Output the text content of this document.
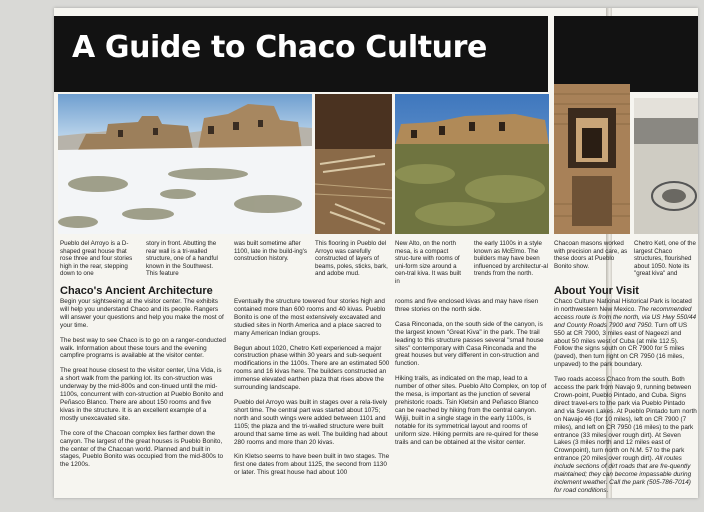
A Guide to Chaco Culture
Pueblo del Arroyo is a D-shaped great house that rose three and four stories high in the rear, stepping down to one
story in front. Abutting the rear wall is a tri-walled structure, one of a handful known in the Southwest. This feature
was built sometime after 1100, late in the build-ing's construction history.
This flooring in Pueblo del Arroyo was carefully constructed of layers of beams, poles, sticks, bark, and adobe mud.
New Alto, on the north mesa, is a compact struc-ture with rooms of uni-form size around a cen-tral kiva. It was built in
the early 1100s in a style known as McElmo. The builders may have been influenced by architectur-al trends from the north.
Chacoan masons worked with precision and care, as these doors at Pueblo Bonito show.
Chetro Ketl, one of the largest Chaco structures, flourished about 1050. Note its "great kiva" and
Chaco's Ancient Architecture

Begin your sightseeing at the visitor center. The exhibits will help you understand Chaco and its people. Rangers will answer your questions and help you make the most of your time.

The best way to see Chaco is to go on a ranger-conducted walk. Information about these tours and the evening campfire programs is available at the visitor center.

The great house closest to the visitor center, Una Vida, is a short walk from the parking lot. Its con-struction was underway by the mid-800s and con-tinued until the mid-1100s, concurrent with con-struction at Pueblo Bonito and Peñasco Blanco. There are about 150 rooms and five kivas in the structure. It is an excellent example of a mostly unexcavated site.

The core of the Chacoan complex lies farther down the canyon. The largest of the great houses is Pueblo Bonito, the center of the Chacoan world. Planned and built in stages, Pueblo Bonito was occupied from the mid-800s to the 1200s.

Eventually the structure towered four stories high and contained more than 600 rooms and 40 kivas. Pueblo Bonito is one of the most extensively excavated and studied sites in North America and a place sacred to many American Indian groups.

Begun about 1020, Chetro Ketl experienced a major construction phase within 30 years and sub-sequent modifications in the 1100s. There are an estimated 500 rooms and 16 kivas here. The builders constructed an immense elevated earthen plaza that rises above the surrounding landscape.

Pueblo del Arroyo was built in stages over a rela-tively short time. The central part was started about 1075; north and south wings were added between 1101 and 1105; the plaza and the tri-walled structure were built around that same time as well. The building had about 280 rooms and more than 20 kivas.

Kin Kletso seems to have been built in two stages. The first one dates from about 1125, the second from 1130 or later. This great house had about 100

rooms and five enclosed kivas and may have risen three stories on the north side.

Casa Rinconada, on the south side of the canyon, is the largest known "Great Kiva" in the park. The trail leading to this structure passes several "small house sites" contemporary with Casa Rinconada and the great houses but very different in con-struction and function.

Hiking trails, as indicated on the map, lead to a number of other sites. Pueblo Alto Complex, on top of the mesa, is important as the junction of several prehistoric roads. Tsin Kletsin and Peñasco Blanco can be reached by hiking from the central canyon. Wijiji, built in a single stage in the early 1100s, is notable for its symmetrical layout and rooms of uniform size. Hiking permits are re-quired for these trails and can be obtained at the visitor center.

About Your Visit

Chaco Culture National Historical Park is located in northwestern New Mexico. The recommended access route is from the north, via US Hwy 550/44 and County Roads 7900 and 7950. Turn off US 550 at CR 7900, 3 miles east of Nageezi and about 50 miles west of Cuba (at mile 112.5). Follow the signs south on CR 7900 for 5 miles (paved), then turn right on CR 7950 (16 miles, unpaved) to the park boundary.

Two roads access Chaco from the south. Both access the park from Navajo 9, running between Crown-point, Pueblo Pintado, and Cuba. Signs direct travel-ers to the park via Pueblo Pintado and via Seven Lakes. At Pueblo Pintado turn north on Navajo 46 (for 10 miles), left on CR 7900 (7 miles), and left on CR 7950 (16 miles) to the park entrance (33 miles over rough dirt). At Seven Lakes (3 miles north and 12 miles east of Crownpoint), turn north on N.M. 57 to the park entrance (20 miles over rough dirt). All routes include sections of dirt roads that are fre-quently maintained; they can become impassable during inclement weather. Call the park (505-786-7014) for road conditions.
